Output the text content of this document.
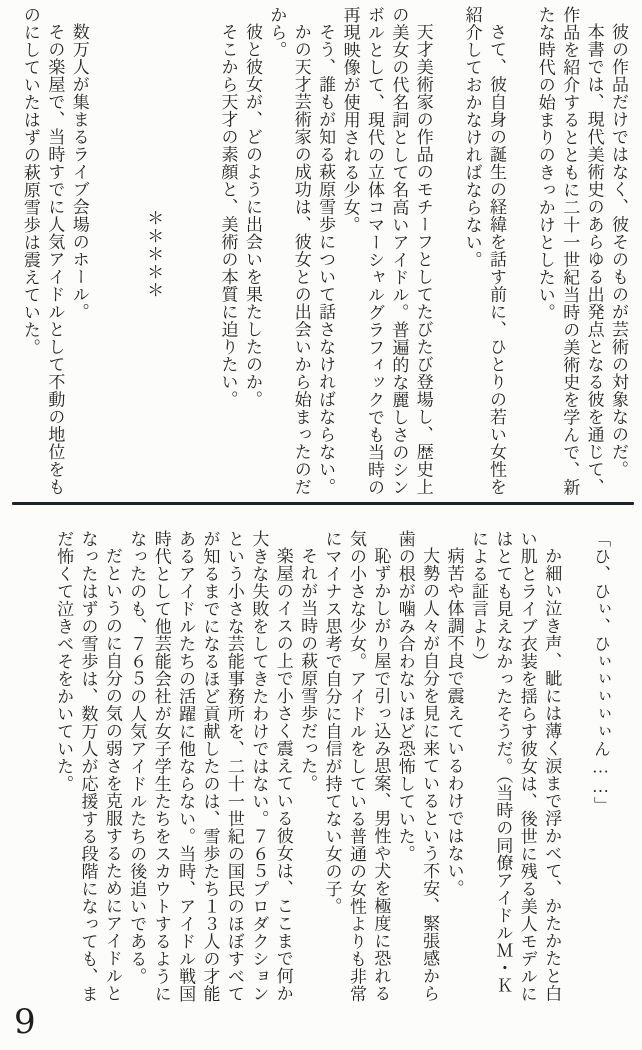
彼の作品だけではなく、彼そのものが芸術の対象なのだ。

本書では、現代美術史のあらゆる出発点となる彼を通じて、作品を紹介するとともに二十一世紀当時の美術史を学んで、新たな時代の始まりのきっかけとしたい。

さて、彼自身の誕生の経緯を話す前に、ひとりの若い女性を紹介しておかなければならない。

天才美術家の作品のモチーフとしてたびたび登場し、歴史上の美女の代名詞として名高いアイドル。普遍的な麗しさのシンボルとして、現代の立体コマーシャルグラフィックでも当時の再現映像が使用される少女。

そう、誰もが知る萩原雪歩について話さなければならない。

かの天才芸術家の成功は、彼女との出会いから始まったのだから。

彼と彼女が、どのように出会いを果たしたのか。

そこから天才の素顔と、美術の本質に迫りたい。

＊＊＊＊＊

数万人が集まるライブ会場のホール。

その楽屋で、当時すでに人気アイドルとして不動の地位をものにしていたはずの萩原雪歩は震えていた。

「ひ、ひぃ、ひぃぃぃぃぃん……」

か細い泣き声、眦には薄く涙まで浮かべて、かたかたと白い肌とライブ衣装を揺らす彼女は、後世に残る美人モデルにはとても見えなかったそうだ。（当時の同僚アイドルＭ・Ｋによる証言より）

病苦や体調不良で震えているわけではない。

大勢の人々が自分を見に来ているという不安、緊張感から歯の根が噛み合わないほど恐怖していた。

恥ずかしがり屋で引っ込み思案、男性や犬を極度に恐れる気の小さな少女。アイドルをしている普通の女性よりも非常にマイナス思考で自分に自信が持てない女の子。

それが当時の萩原雪歩だった。

楽屋のイスの上で小さく震えている彼女は、ここまで何か大きな失敗をしてきたわけではない。７６５プロダクションという小さな芸能事務所を、二十一世紀の国民のほぼすべてが知るまでになるほど貢献したのは、雪歩たち１３人の才能あるアイドルたちの活躍に他ならない。当時、アイドル戦国時代として他芸能会社が女子学生たちをスカウトするようになったのも、７６５の人気アイドルたちの後追いである。

だというのに自分の気の弱さを克服するためにアイドルとなったはずの雪歩は、数万人が応援する段階になっても、まだ怖くて泣きべそをかいていた。

9
